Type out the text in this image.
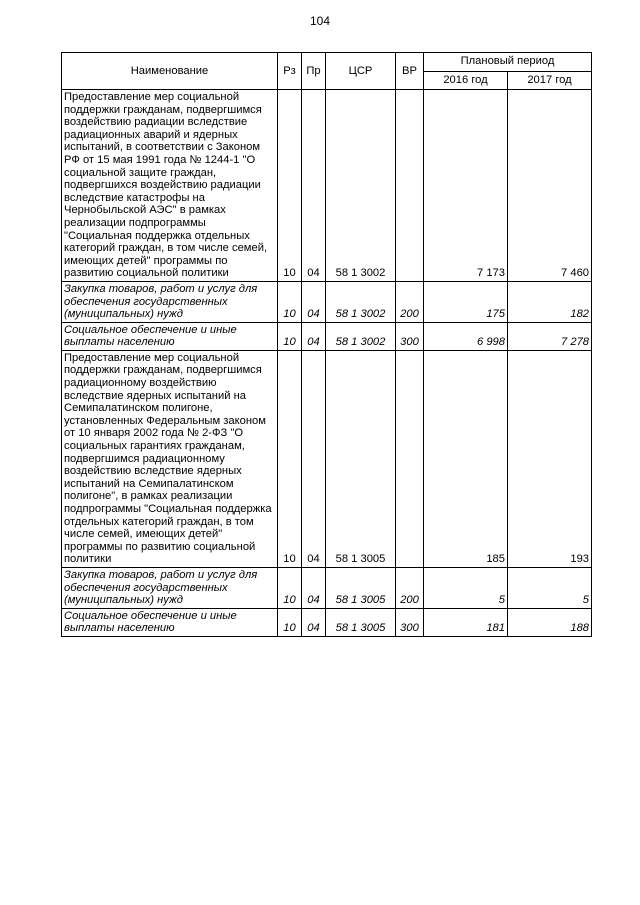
104
Наименование	Рз	Пр	ЦСР	ВР	Плановый период	
					2016 год	2017 год
Предоставление мер социальной поддержки гражданам, подвергшимся воздействию радиации вследствие радиационных аварий и ядерных испытаний, в соответствии с Законом РФ от 15 мая 1991 года № 1244-1 "О социальной защите граждан, подвергшихся воздействию радиации вследствие катастрофы на Чернобыльской АЭС" в рамках реализации подпрограммы "Социальная поддержка отдельных категорий граждан, в том числе семей, имеющих детей" программы по развитию социальной политики	10	04	58 1 3002		7 173	7 460
Закупка товаров, работ и услуг для обеспечения государственных (муниципальных) нужд	10	04	58 1 3002	200	175	182
Социальное обеспечение и иные выплаты населению	10	04	58 1 3002	300	6 998	7 278
Предоставление мер социальной поддержки гражданам, подвергшимся радиационному воздействию вследствие ядерных испытаний на Семипалатинском полигоне, установленных Федеральным законом от 10 января 2002 года № 2-ФЗ "О социальных гарантиях гражданам, подвергшимся радиационному воздействию вследствие ядерных испытаний на Семипалатинском полигоне", в рамках реализации подпрограммы "Социальная поддержка отдельных категорий граждан, в том числе семей, имеющих детей" программы по развитию социальной политики	10	04	58 1 3005		185	193
Закупка товаров, работ и услуг для обеспечения государственных (муниципальных) нужд	10	04	58 1 3005	200	5	5
Социальное обеспечение и иные выплаты населению	10	04	58 1 3005	300	181	188
